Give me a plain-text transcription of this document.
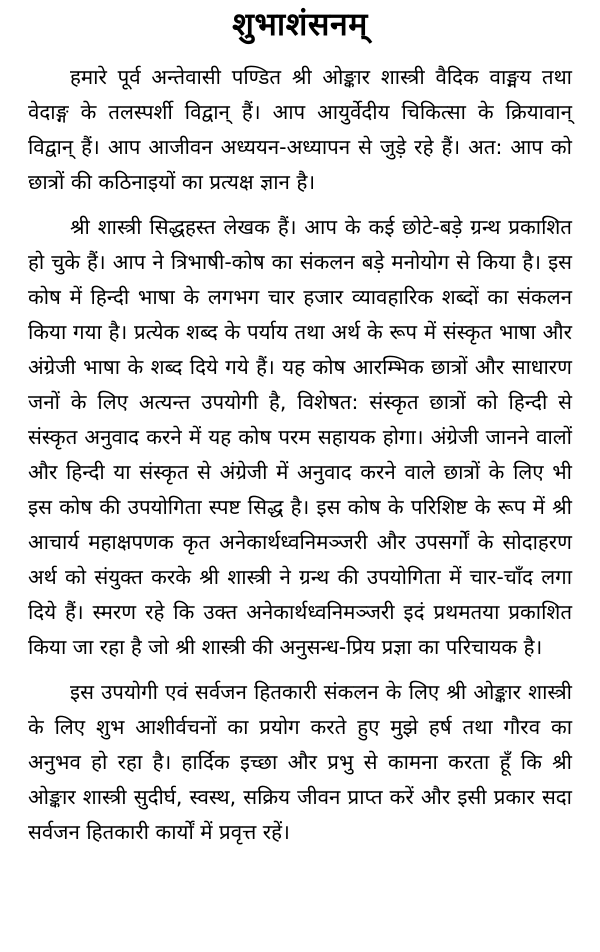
शुभाशंसनम्

हमारे पूर्व अन्तेवासी पण्डित श्री ओङ्कार शास्त्री वैदिक वाङ्मय तथा वेदाङ्ग के तलस्पर्शी विद्वान् हैं। आप आयुर्वेदीय चिकित्सा के क्रियावान् विद्वान् हैं। आप आजीवन अध्ययन-अध्यापन से जुड़े रहे हैं। अत: आप को छात्रों की कठिनाइयों का प्रत्यक्ष ज्ञान है।

श्री शास्त्री सिद्धहस्त लेखक हैं। आप के कई छोटे-बड़े ग्रन्थ प्रकाशित हो चुके हैं। आप ने त्रिभाषी-कोष का संकलन बड़े मनोयोग से किया है। इस कोष में हिन्दी भाषा के लगभग चार हजार व्यावहारिक शब्दों का संकलन किया गया है। प्रत्येक शब्द के पर्याय तथा अर्थ के रूप में संस्कृत भाषा और अंग्रेजी भाषा के शब्द दिये गये हैं। यह कोष आरम्भिक छात्रों और साधारण जनों के लिए अत्यन्त उपयोगी है, विशेषत: संस्कृत छात्रों को हिन्दी से संस्कृत अनुवाद करने में यह कोष परम सहायक होगा। अंग्रेजी जानने वालों और हिन्दी या संस्कृत से अंग्रेजी में अनुवाद करने वाले छात्रों के लिए भी इस कोष की उपयोगिता स्पष्ट सिद्ध है। इस कोष के परिशिष्ट के रूप में श्री आचार्य महाक्षपणक कृत अनेकार्थध्वनिमञ्जरी और उपसर्गों के सोदाहरण अर्थ को संयुक्त करके श्री शास्त्री ने ग्रन्थ की उपयोगिता में चार-चाँद लगा दिये हैं। स्मरण रहे कि उक्त अनेकार्थध्वनिमञ्जरी इदं प्रथमतया प्रकाशित किया जा रहा है जो श्री शास्त्री की अनुसन्ध-प्रिय प्रज्ञा का परिचायक है।

इस उपयोगी एवं सर्वजन हितकारी संकलन के लिए श्री ओङ्कार शास्त्री के लिए शुभ आशीर्वचनों का प्रयोग करते हुए मुझे हर्ष तथा गौरव का अनुभव हो रहा है। हार्दिक इच्छा और प्रभु से कामना करता हूँ कि श्री ओङ्कार शास्त्री सुदीर्घ, स्वस्थ, सक्रिय जीवन प्राप्त करें और इसी प्रकार सदा सर्वजन हितकारी कार्यों में प्रवृत्त रहें।
